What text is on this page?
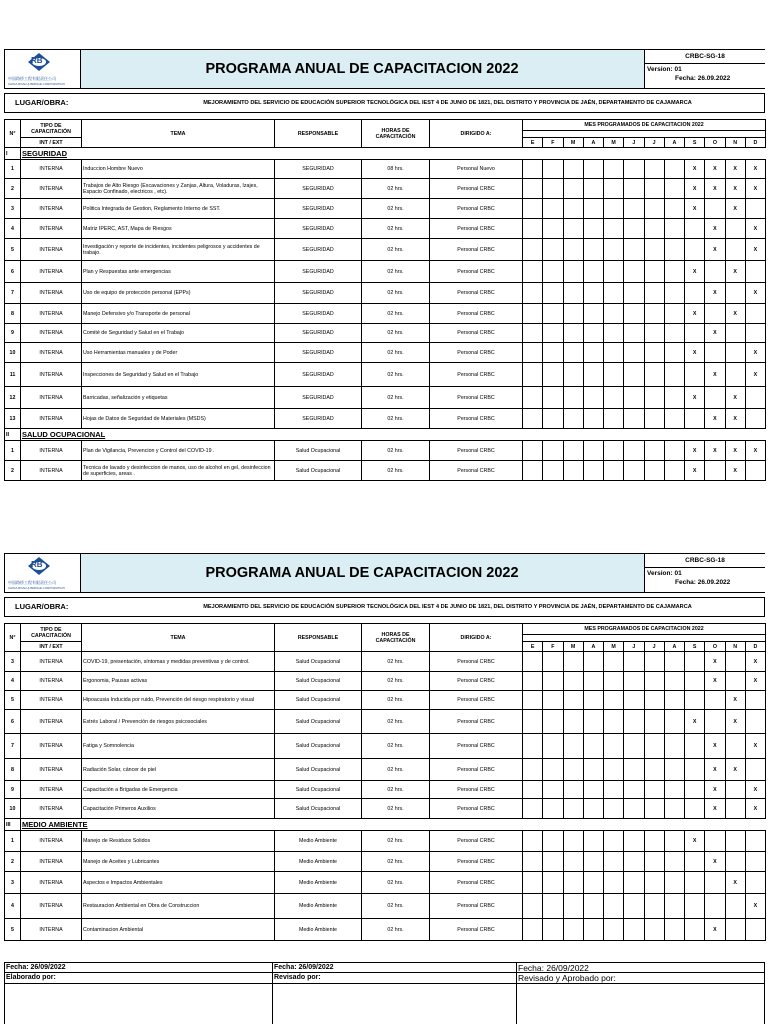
RB
中国路桥工程有限责任公司
CHINA ROAD & BRIDGE CORPORATION
PROGRAMA ANUAL DE CAPACITACION 2022
CRBC-SG-18
Version: 01
Fecha: 26.09.2022
LUGAR/OBRA:	MEJORAMIENTO DEL SERVICIO DE EDUCACIÓN SUPERIOR TECNOLÓGICA DEL IEST 4 DE JUNIO DE 1821, DEL DISTRITO Y PROVINCIA DE JAÉN, DEPARTAMENTO DE CAJAMARCA
N°	TIPO DE CAPACITACIÓN	TEMA	RESPONSABLE	HORAS DE CAPACITACIÓN	DIRIGIDO A:	MES PROGRAMADOS DE CAPACITACION 2022											

	INT / EXT					E	F	M	A	M	J	J	A	S	O	N	D
I	SEGURIDAD																
1	INTERNA	Induccion Hombre Nuevo	SEGURIDAD	08 hrs.	Personal Nuevo									X	X	X	X
2	INTERNA	Trabajos de Alto Riesgo (Excavaciones y Zanjas, Altura, Voladuras, Izajes, Espacio Confinado, electricos , etc).	SEGURIDAD	02 hrs.	Personal CRBC									X	X	X	X
3	INTERNA	Politica Integrada de Gestion, Reglamento Interno de SST.	SEGURIDAD	02 hrs.	Personal CRBC									X		X	
4	INTERNA	Matriz IPERC, AST, Mapa de Riesgos	SEGURIDAD	02 hrs.	Personal CRBC										X		X
5	INTERNA	Investigación y reporte de incidentes, incidentes peligrosos y accidentes de trabajo.	SEGURIDAD	02 hrs.	Personal CRBC										X		X
6	INTERNA	Plan y Respuestas ante emergencias	SEGURIDAD	02 hrs.	Personal CRBC									X		X	
7	INTERNA	Uso de equipo de protección personal (EPPs)	SEGURIDAD	02 hrs.	Personal CRBC										X		X
8	INTERNA	Manejo Defensivo y/o Transporte de personal	SEGURIDAD	02 hrs.	Personal CRBC									X		X	
9	INTERNA	Comité de Seguridad y Salud en el Trabajo	SEGURIDAD	02 hrs.	Personal CRBC										X		
10	INTERNA	Uso Herramientas manuales y de Poder	SEGURIDAD	02 hrs.	Personal CRBC									X			X
11	INTERNA	Inspecciones de Seguridad y Salud en el Trabajo	SEGURIDAD	02 hrs.	Personal CRBC										X		X
12	INTERNA	Barricadas, señalización y etiquetas	SEGURIDAD	02 hrs.	Personal CRBC									X		X	
13	INTERNA	Hojas de Datos de Seguridad de Materiales (MSDS)	SEGURIDAD	02 hrs.	Personal CRBC										X	X	
II	SALUD OCUPACIONAL																
1	INTERNA	Plan de Vigilancia, Prevencion y Control del COVID-19 .	Salud Ocupacional	02 hrs.	Personal CRBC									X	X	X	X
2	INTERNA	Tecnica de lavado y desinfeccion de manos, uso de alcohol en gel, desinfeccion de superficies, areas .	Salud Ocupacional	02 hrs.	Personal CRBC									X		X	
RB
中国路桥工程有限责任公司
CHINA ROAD & BRIDGE CORPORATION
PROGRAMA ANUAL DE CAPACITACION 2022
CRBC-SG-18
Version: 01
Fecha: 26.09.2022
LUGAR/OBRA:	MEJORAMIENTO DEL SERVICIO DE EDUCACIÓN SUPERIOR TECNOLÓGICA DEL IEST 4 DE JUNIO DE 1821, DEL DISTRITO Y PROVINCIA DE JAÉN, DEPARTAMENTO DE CAJAMARCA
N°	TIPO DE CAPACITACIÓN	TEMA	RESPONSABLE	HORAS DE CAPACITACIÓN	DIRIGIDO A:	MES PROGRAMADOS DE CAPACITACION 2022											

	INT / EXT					E	F	M	A	M	J	J	A	S	O	N	D
3	INTERNA	COVID-19, presentación, síntomas y medidas preventivas y de control.	Salud Ocupacional	02 hrs.	Personal CRBC										X		X
4	INTERNA	Ergonomia, Pausas activas	Salud Ocupacional	02 hrs.	Personal CRBC										X		X
5	INTERNA	Hipoacusia Inducida por ruido, Prevención del riesgo respiratorio y visual	Salud Ocupacional	02 hrs.	Personal CRBC											X	
6	INTERNA	Estrés Laboral / Prevención de riesgos psicosociales	Salud Ocupacional	02 hrs.	Personal CRBC									X		X	
7	INTERNA	Fatiga y Somnolencia	Salud Ocupacional	02 hrs.	Personal CRBC										X		X
8	INTERNA	Radiación Solar, cáncer de piel	Salud Ocupacional	02 hrs.	Personal CRBC										X	X	
9	INTERNA	Capacitación a Brigadas de Emergencia	Salud Ocupacional	02 hrs.	Personal CRBC										X		X
10	INTERNA	Capacitación Primeros Auxilios	Salud Ocupacional	02 hrs.	Personal CRBC										X		X
III	MEDIO AMBIENTE																
1	INTERNA	Manejo de Residuos Solidos	Medio Ambiente	02 hrs.	Personal CRBC									X			
2	INTERNA	Manejo de Aceites y Lubricantes	Medio Ambiente	02 hrs.	Personal CRBC										X		
3	INTERNA	Aspectos e Impactos Ambientales	Medio Ambiente	02 hrs.	Personal CRBC											X	
4	INTERNA	Restauracion Ambiental en Obra de Construccion	Medio Ambiente	02 hrs.	Personal CRBC												X
5	INTERNA	Contaminacion Ambiental	Medio Ambiente	02 hrs.	Personal CRBC										X		
Fecha: 26/09/2022
Elaborado por:
Fecha: 26/09/2022
Revisado por:
Fecha: 26/09/2022
Revisado y Aprobado por:
